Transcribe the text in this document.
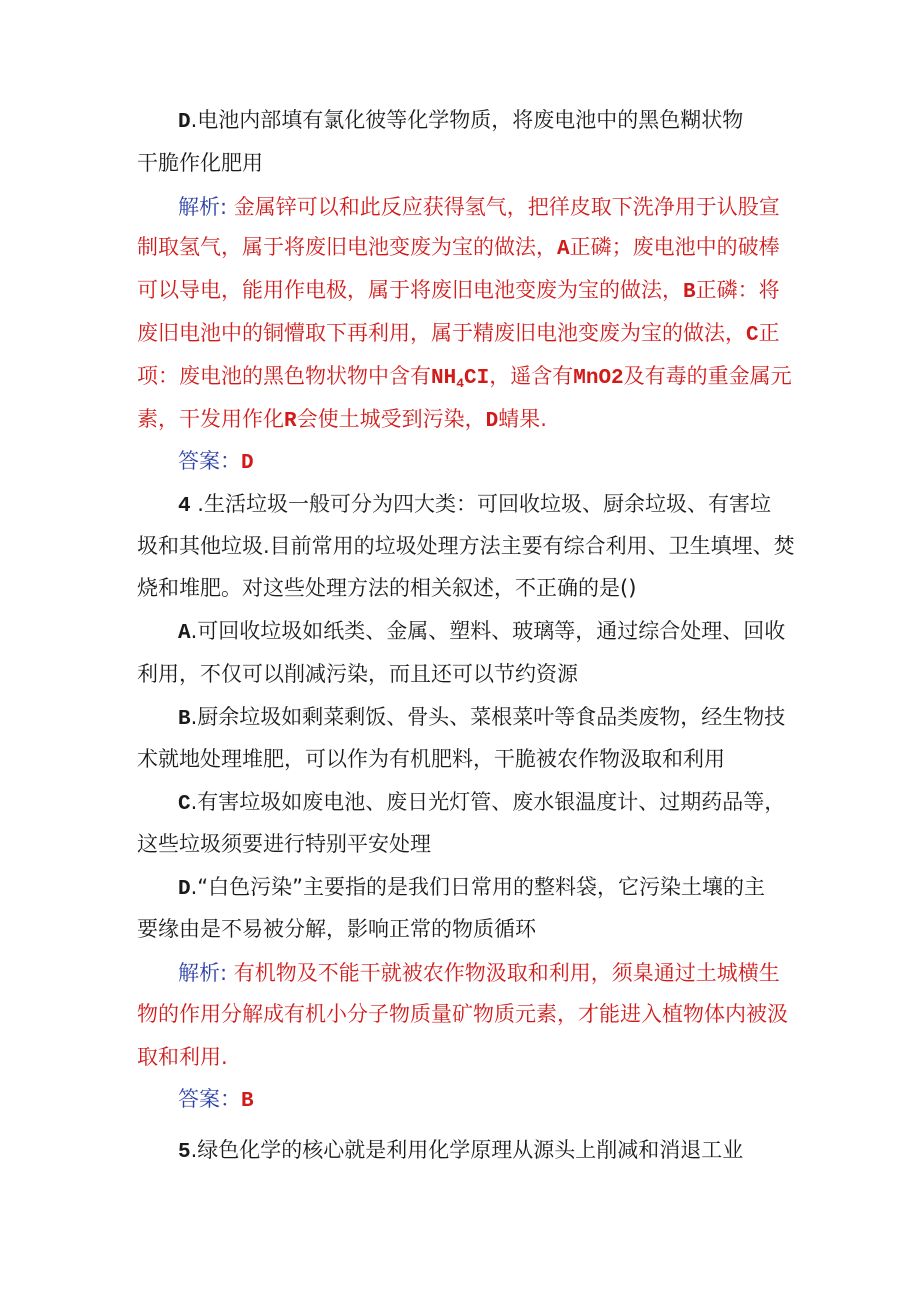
D.电池内部填有氯化彼等化学物质，将废电池中的黑色糊状物
干脆作化肥用
解析: 金属锌可以和此反应获得氢气，把徉皮取下洗净用于认股宣
制取氢气，属于将废旧电池变废为宝的做法，A正磷；废电池中的破棒
可以导电，能用作电极，属于将废旧电池变废为宝的做法，B正磷：将
废旧电池中的铜懵取下再利用，属于精废旧电池变废为宝的做法，C正
项：废电池的黑色物状物中含有$NH_4CI$，遥含有MnO2及有毒的重金属元
素，干发用作化R会使土城受到污染，D蜻果.
答案：D
4 .生活垃圾一般可分为四大类：可回收垃圾、厨余垃圾、有害垃
圾和其他垃圾.目前常用的垃圾处理方法主要有综合利用、卫生填埋、焚
烧和堆肥。对这些处理方法的相关叙述，不正确的是()
A.可回收垃圾如纸类、金属、塑料、玻璃等，通过综合处理、回收
利用，不仅可以削减污染，而且还可以节约资源
B.厨余垃圾如剩菜剩饭、骨头、菜根菜叶等食品类废物，经生物技
术就地处理堆肥，可以作为有机肥料，干脆被农作物汲取和利用
C.有害垃圾如废电池、废日光灯管、废水银温度计、过期药品等，
这些垃圾须要进行特别平安处理
D.“白色污染”主要指的是我们日常用的整料袋，它污染土壤的主
要缘由是不易被分解，影响正常的物质循环
解析: 有机物及不能干就被农作物汲取和利用，须臬通过土城横生
物的作用分解成有机小分子物质量矿物质元素，才能进入植物体内被汲
取和利用.
答案：B
5.绿色化学的核心就是利用化学原理从源头上削减和消退工业
